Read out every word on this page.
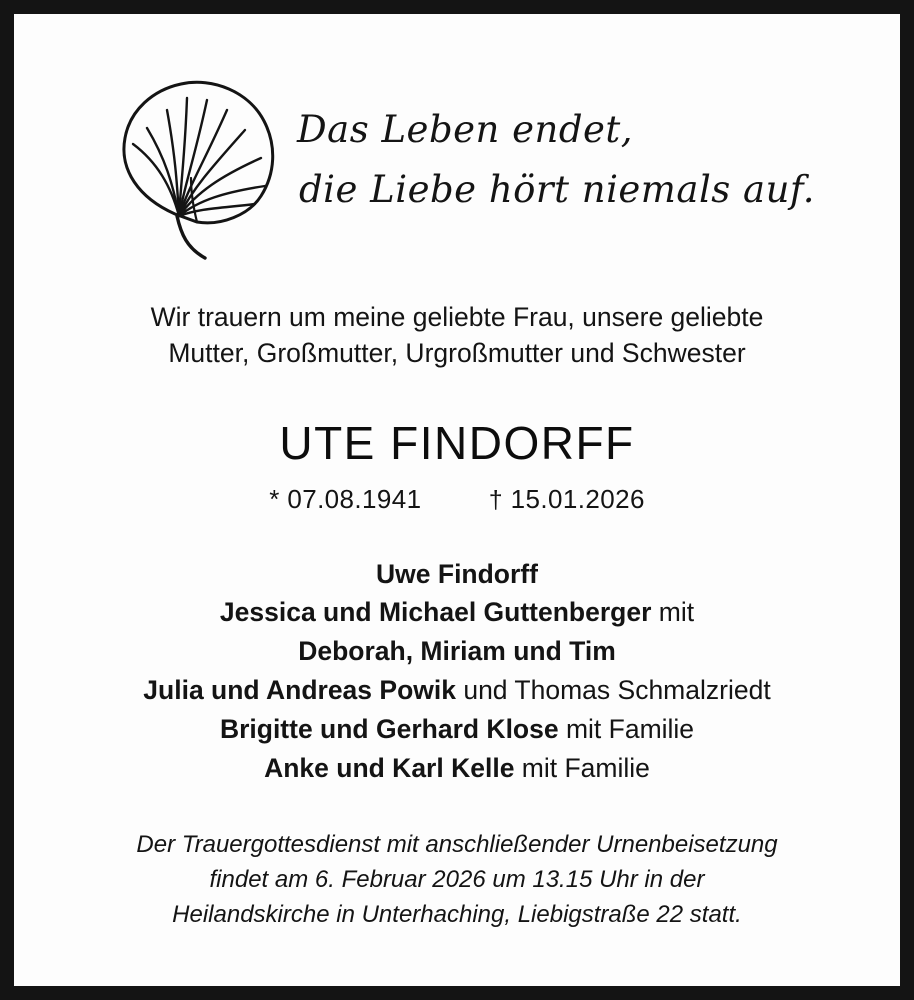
Das Leben endet,
die Liebe hört niemals auf.
Wir trauern um meine geliebte Frau, unsere geliebte
Mutter, Großmutter, Urgroßmutter und Schwester
UTE FINDORFF
* 07.08.1941	† 15.01.2026
Uwe Findorff
Jessica und Michael Guttenberger mit
Deborah, Miriam und Tim
Julia und Andreas Powik und Thomas Schmalzriedt
Brigitte und Gerhard Klose mit Familie
Anke und Karl Kelle mit Familie
Der Trauergottesdienst mit anschließender Urnenbeisetzung
findet am 6. Februar 2026 um 13.15 Uhr in der
Heilandskirche in Unterhaching, Liebigstraße 22 statt.
